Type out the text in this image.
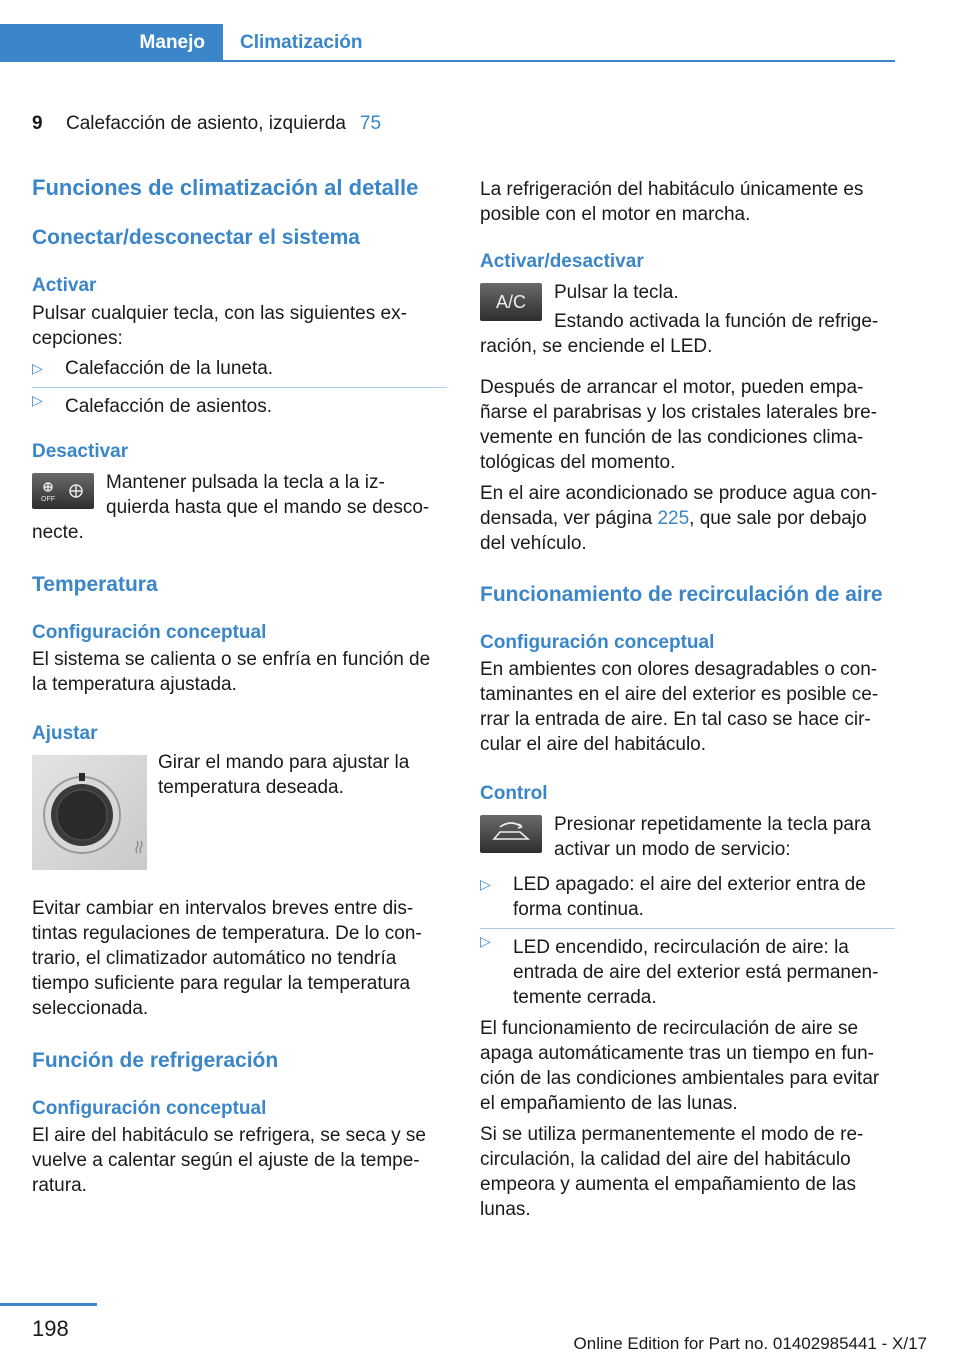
Manejo Climatización
9 Calefacción de asiento, izquierda 75
Funciones de climatización al detalle
Conectar/desconectar el sistema
Activar

Pulsar cualquier tecla, con las siguientes ex-cepciones:

▷ Calefacción de la luneta.
▷ Calefacción de asientos.
Desactivar
OFF

Mantener pulsada la tecla a la iz-quierda hasta que el mando se desco-necte.

Temperatura
Configuración conceptual

El sistema se calienta o se enfría en función de la temperatura ajustada.

Ajustar

Girar el mando para ajustar la temperatura deseada.

Evitar cambiar en intervalos breves entre dis-tintas regulaciones de temperatura. De lo con-trario, el climatizador automático no tendría tiempo suficiente para regular la temperatura seleccionada.

Función de refrigeración
Configuración conceptual

El aire del habitáculo se refrigera, se seca y se vuelve a calentar según el ajuste de la tempe-ratura.

La refrigeración del habitáculo únicamente es posible con el motor en marcha.

Activar/desactivar
A/C	Pulsar la tecla.

Estando activada la función de refrige-ración, se enciende el LED.

Después de arrancar el motor, pueden empa-ñarse el parabrisas y los cristales laterales bre-vemente en función de las condiciones clima-tológicas del momento.

En el aire acondicionado se produce agua con-densada, ver página 225, que sale por debajo del vehículo.

Funcionamiento de recirculación de aire
Configuración conceptual

En ambientes con olores desagradables o con-taminantes en el aire del exterior es posible ce-rrar la entrada de aire. En tal caso se hace cir-cular el aire del habitáculo.

Control

Presionar repetidamente la tecla para activar un modo de servicio:

▷ LED apagado: el aire del exterior entra de forma continua.
▷ LED encendido, recirculación de aire: la entrada de aire del exterior está permanen-temente cerrada.

El funcionamiento de recirculación de aire se apaga automáticamente tras un tiempo en fun-ción de las condiciones ambientales para evitar el empañamiento de las lunas.

Si se utiliza permanentemente el modo de re-circulación, la calidad del aire del habitáculo empeora y aumenta el empañamiento de las lunas.

198
Online Edition for Part no. 01402985441 - X/17
